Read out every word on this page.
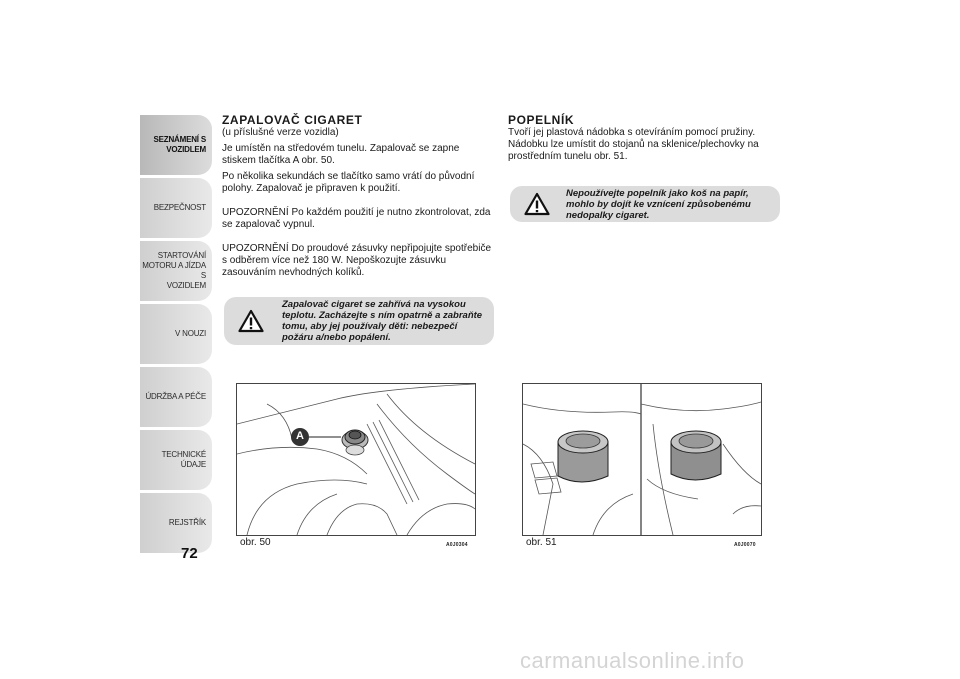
SEZNÁMENÍ S
VOZIDLEM
BEZPEČNOST
STARTOVÁNÍ
MOTORU A JÍZDA S
VOZIDLEM
V NOUZI
ÚDRŽBA A PÉČE
TECHNICKÉ ÚDAJE
REJSTŘÍK
72
ZAPALOVAČ CIGARET
(u příslušné verze vozidla)
Je umístěn na středovém tunelu. Zapalovač se zapne stiskem tlačítka A obr. 50.
Po několika sekundách se tlačítko samo vrátí do původní polohy. Zapalovač je připraven k použití.
UPOZORNĚNÍ Po každém použití je nutno zkontrolovat, zda se zapalovač vypnul.
UPOZORNĚNÍ Do proudové zásuvky nepřipojujte spotřebiče s odběrem více než 180 W. Nepoškozujte zásuvku zasouváním nevhodných kolíků.
Zapalovač cigaret se zahřívá na vysokou teplotu. Zacházejte s ním opatrně a zabraňte tomu, aby jej používaly děti: nebezpečí požáru a/nebo popálení.
POPELNÍK
Tvoří jej plastová nádobka s otevíráním pomocí pružiny. Nádobku lze umístit do stojanů na sklenice/plechovky na prostředním tunelu obr. 51.
Nepoužívejte popelník jako koš na papír, mohlo by dojít ke vznícení způsobenému nedopalky cigaret.
A
obr. 50	A0J0304	obr. 51	A0J0070
carmanualsonline.info
